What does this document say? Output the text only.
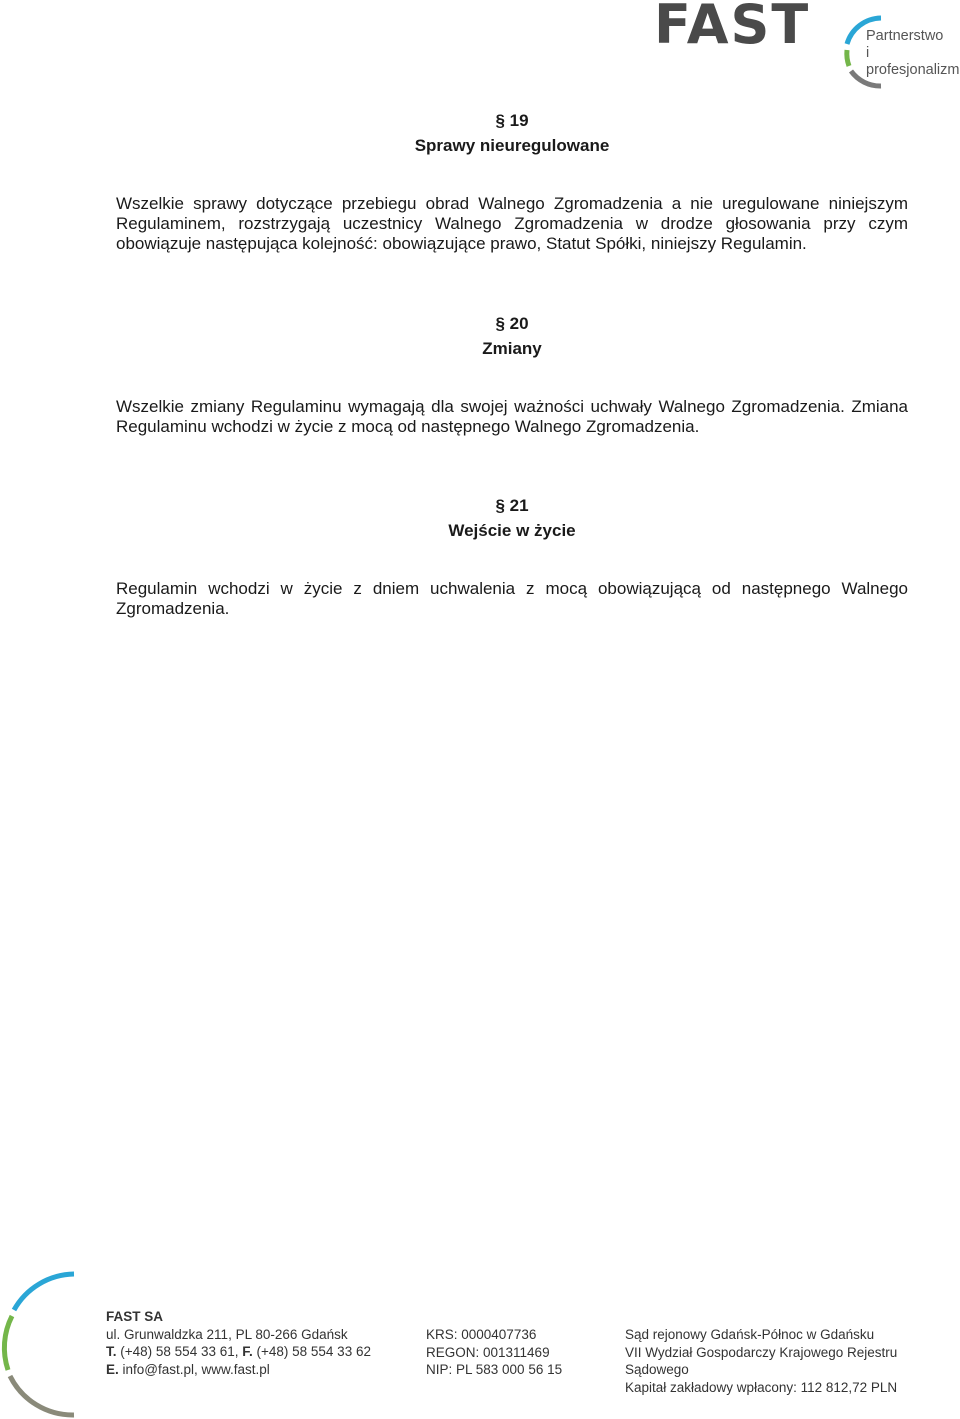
FAST	Partnerstwo
i profesjonalizm
§ 19
Sprawy nieuregulowane
Wszelkie sprawy dotyczące przebiegu obrad Walnego Zgromadzenia a nie uregulowane niniejszym Regulaminem, rozstrzygają uczestnicy Walnego Zgromadzenia w drodze głosowania przy czym obowiązuje następująca kolejność: obowiązujące prawo, Statut Spółki, niniejszy Regulamin.
§ 20
Zmiany
Wszelkie zmiany Regulaminu wymagają dla swojej ważności uchwały Walnego Zgromadzenia. Zmiana Regulaminu wchodzi w życie z mocą od następnego Walnego Zgromadzenia.
§ 21
Wejście w życie
Regulamin wchodzi w życie z dniem uchwalenia z mocą obowiązującą od następnego Walnego Zgromadzenia.
FAST SA
ul. Grunwaldzka 211, PL 80-266 Gdańsk
T. (+48) 58 554 33 61, F. (+48) 58 554 33 62
E. info@fast.pl, www.fast.pl
KRS: 0000407736
REGON: 001311469
NIP: PL 583 000 56 15
Sąd rejonowy Gdańsk-Północ w Gdańsku
VII Wydział Gospodarczy Krajowego Rejestru Sądowego
Kapitał zakładowy wpłacony: 112 812,72 PLN
